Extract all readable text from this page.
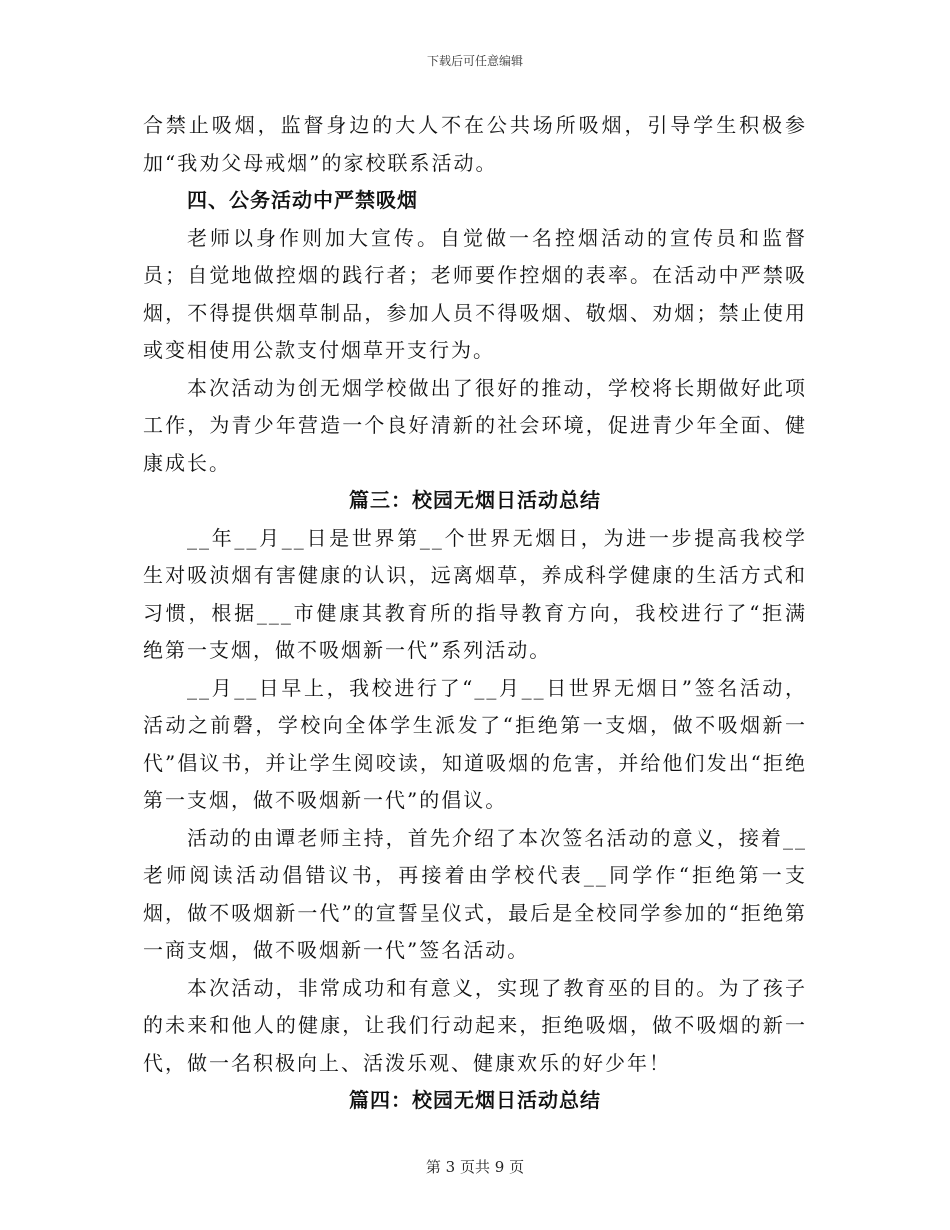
下载后可任意编辑

合禁止吸烟，监督身边的大人不在公共场所吸烟，引导学生积极参加“我劝父母戒烟”的家校联系活动。

四、公务活动中严禁吸烟

老师以身作则加大宣传。自觉做一名控烟活动的宣传员和监督员；自觉地做控烟的践行者；老师要作控烟的表率。在活动中严禁吸烟，不得提供烟草制品，参加人员不得吸烟、敬烟、劝烟；禁止使用或变相使用公款支付烟草开支行为。

本次活动为创无烟学校做出了很好的推动，学校将长期做好此项工作，为青少年营造一个良好清新的社会环境，促进青少年全面、健康成长。

篇三：校园无烟日活动总结

__年__月__日是世界第__个世界无烟日，为进一步提高我校学生对吸浈烟有害健康的认识，远离烟草，养成科学健康的生活方式和习惯，根据___市健康其教育所的指导教育方向，我校进行了“拒满绝第一支烟，做不吸烟新一代”系列活动。

__月__日早上，我校进行了“__月__日世界无烟日”签名活动，活动之前磬，学校向全体学生派发了“拒绝第一支烟，做不吸烟新一代”倡议书，并让学生阅咬读，知道吸烟的危害，并给他们发出“拒绝第一支烟，做不吸烟新一代”的倡议。

活动的由谭老师主持，首先介绍了本次签名活动的意义，接着__老师阅读活动倡错议书，再接着由学校代表__同学作“拒绝第一支烟，做不吸烟新一代”的宣誓呈仪式，最后是全校同学参加的“拒绝第一商支烟，做不吸烟新一代”签名活动。

本次活动，非常成功和有意义，实现了教育巫的目的。为了孩子的未来和他人的健康，让我们行动起来，拒绝吸烟，做不吸烟的新一代，做一名积极向上、活泼乐观、健康欢乐的好少年！

篇四：校园无烟日活动总结

第 3 页共 9 页
